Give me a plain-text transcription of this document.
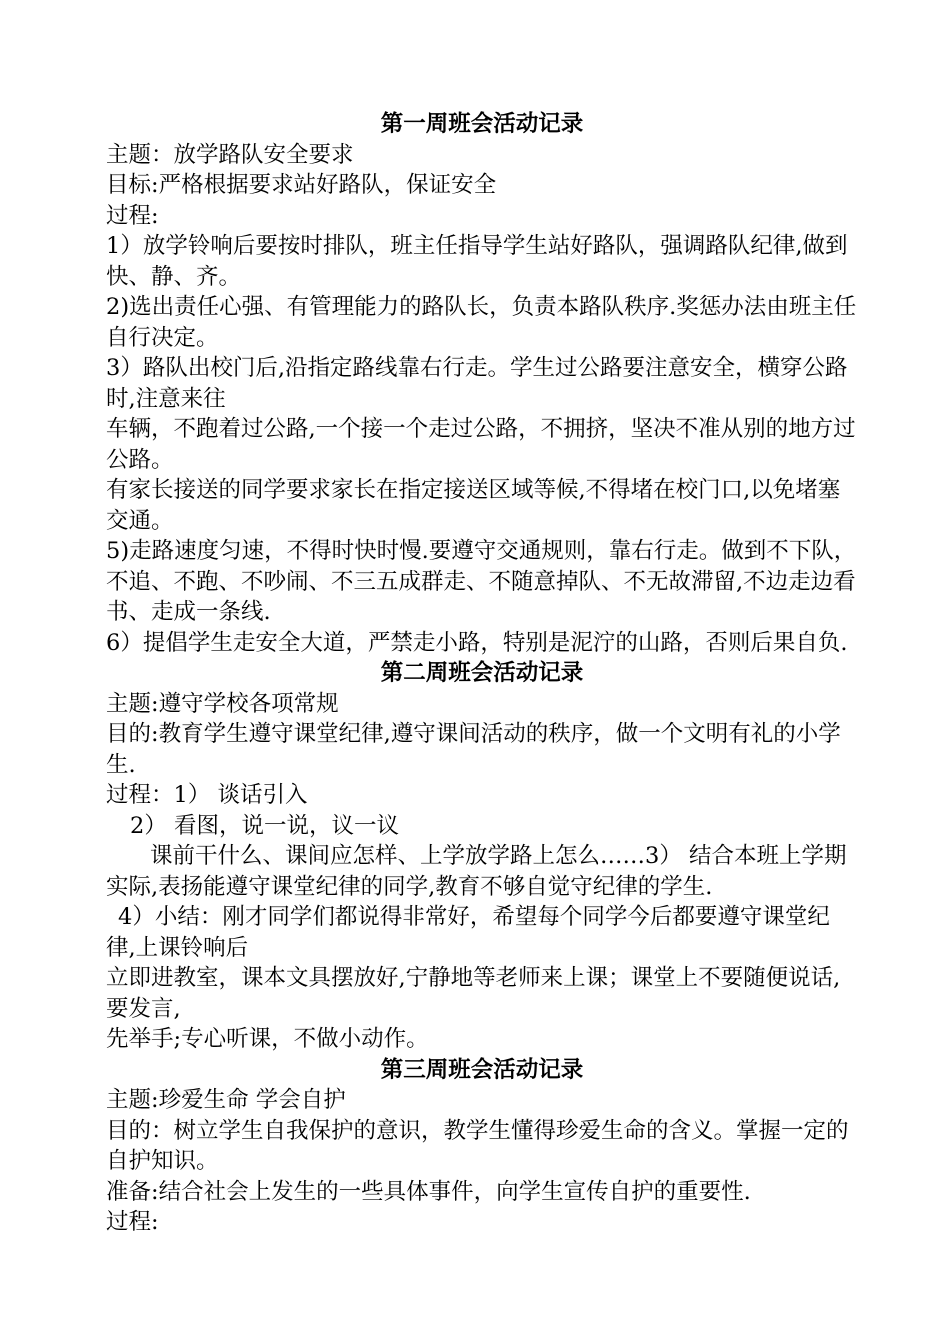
第一周班会活动记录

主题：放学路队安全要求

目标:严格根据要求站好路队，保证安全

过程:

1）放学铃响后要按时排队，班主任指导学生站好路队，强调路队纪律,做到快、静、齐。

2)选出责任心强、有管理能力的路队长，负责本路队秩序.奖惩办法由班主任自行决定。

3）路队出校门后,沿指定路线靠右行走。学生过公路要注意安全，横穿公路时,注意来往

车辆，不跑着过公路,一个接一个走过公路，不拥挤，坚决不准从别的地方过公路。

有家长接送的同学要求家长在指定接送区域等候,不得堵在校门口,以免堵塞交通。

5)走路速度匀速，不得时快时慢.要遵守交通规则，靠右行走。做到不下队，不追、不跑、不吵闹、不三五成群走、不随意掉队、不无故滞留,不边走边看书、走成一条线.

6）提倡学生走安全大道，严禁走小路，特别是泥泞的山路，否则后果自负.

第二周班会活动记录

主题:遵守学校各项常规

目的:教育学生遵守课堂纪律,遵守课间活动的秩序，做一个文明有礼的小学生.

过程：1） 谈话引入

2） 看图，说一说，议一议

课前干什么、课间应怎样、上学放学路上怎么……3） 结合本班上学期实际,表扬能遵守课堂纪律的同学,教育不够自觉守纪律的学生.

4）小结：刚才同学们都说得非常好，希望每个同学今后都要遵守课堂纪律,上课铃响后

立即进教室，课本文具摆放好,宁静地等老师来上课；课堂上不要随便说话,要发言,

先举手;专心听课，不做小动作。

第三周班会活动记录

主题:珍爱生命 学会自护

目的：树立学生自我保护的意识，教学生懂得珍爱生命的含义。掌握一定的自护知识。

准备:结合社会上发生的一些具体事件，向学生宣传自护的重要性.

过程:
